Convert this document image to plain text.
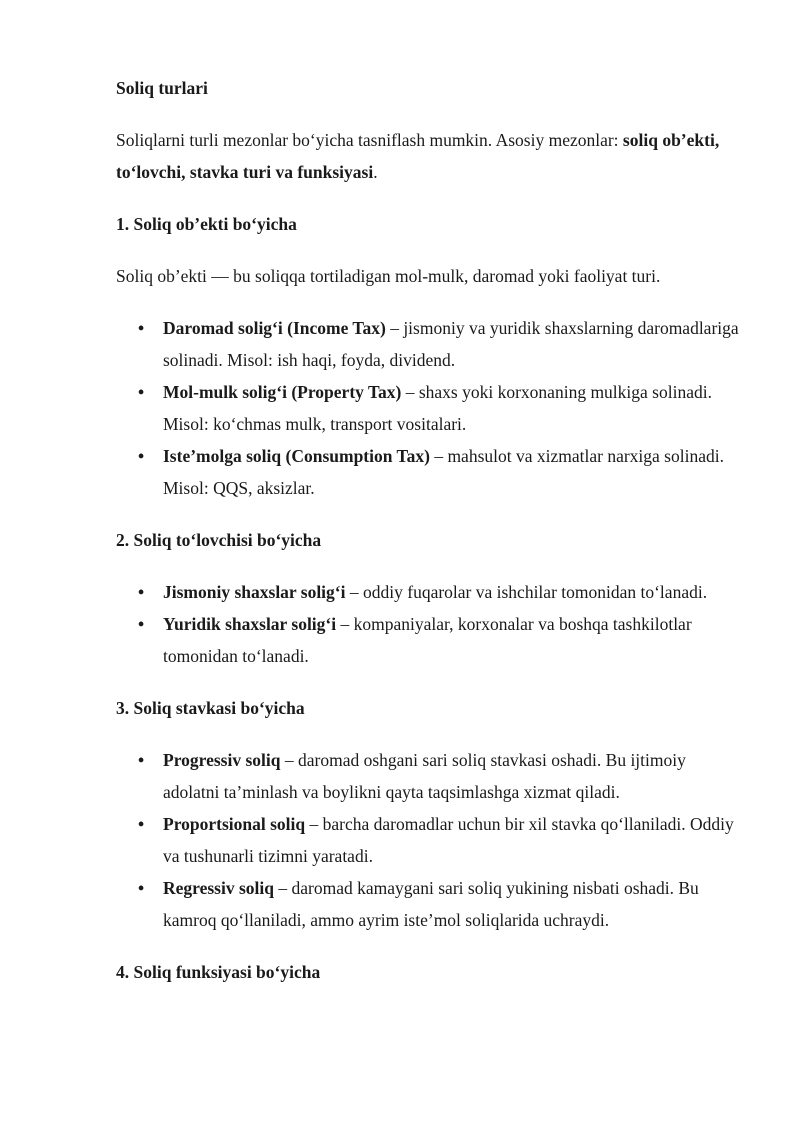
Soliq turlari

Soliqlarni turli mezonlar bo‘yicha tasniflash mumkin. Asosiy mezonlar: soliq ob’ekti, to‘lovchi, stavka turi va funksiyasi.

1. Soliq ob’ekti bo‘yicha

Soliq ob’ekti — bu soliqqa tortiladigan mol-mulk, daromad yoki faoliyat turi.

• Daromad solig‘i (Income Tax) – jismoniy va yuridik shaxslarning daromadlariga solinadi. Misol: ish haqi, foyda, dividend.
• Mol-mulk solig‘i (Property Tax) – shaxs yoki korxonaning mulkiga solinadi. Misol: ko‘chmas mulk, transport vositalari.
• Iste’molga soliq (Consumption Tax) – mahsulot va xizmatlar narxiga solinadi. Misol: QQS, aksizlar.
2. Soliq to‘lovchisi bo‘yicha
• Jismoniy shaxslar solig‘i – oddiy fuqarolar va ishchilar tomonidan to‘lanadi.
• Yuridik shaxslar solig‘i – kompaniyalar, korxonalar va boshqa tashkilotlar tomonidan to‘lanadi.
3. Soliq stavkasi bo‘yicha
• Progressiv soliq – daromad oshgani sari soliq stavkasi oshadi. Bu ijtimoiy adolatni ta’minlash va boylikni qayta taqsimlashga xizmat qiladi.
• Proportsional soliq – barcha daromadlar uchun bir xil stavka qo‘llaniladi. Oddiy va tushunarli tizimni yaratadi.
• Regressiv soliq – daromad kamaygani sari soliq yukining nisbati oshadi. Bu kamroq qo‘llaniladi, ammo ayrim iste’mol soliqlarida uchraydi.
4. Soliq funksiyasi bo‘yicha
